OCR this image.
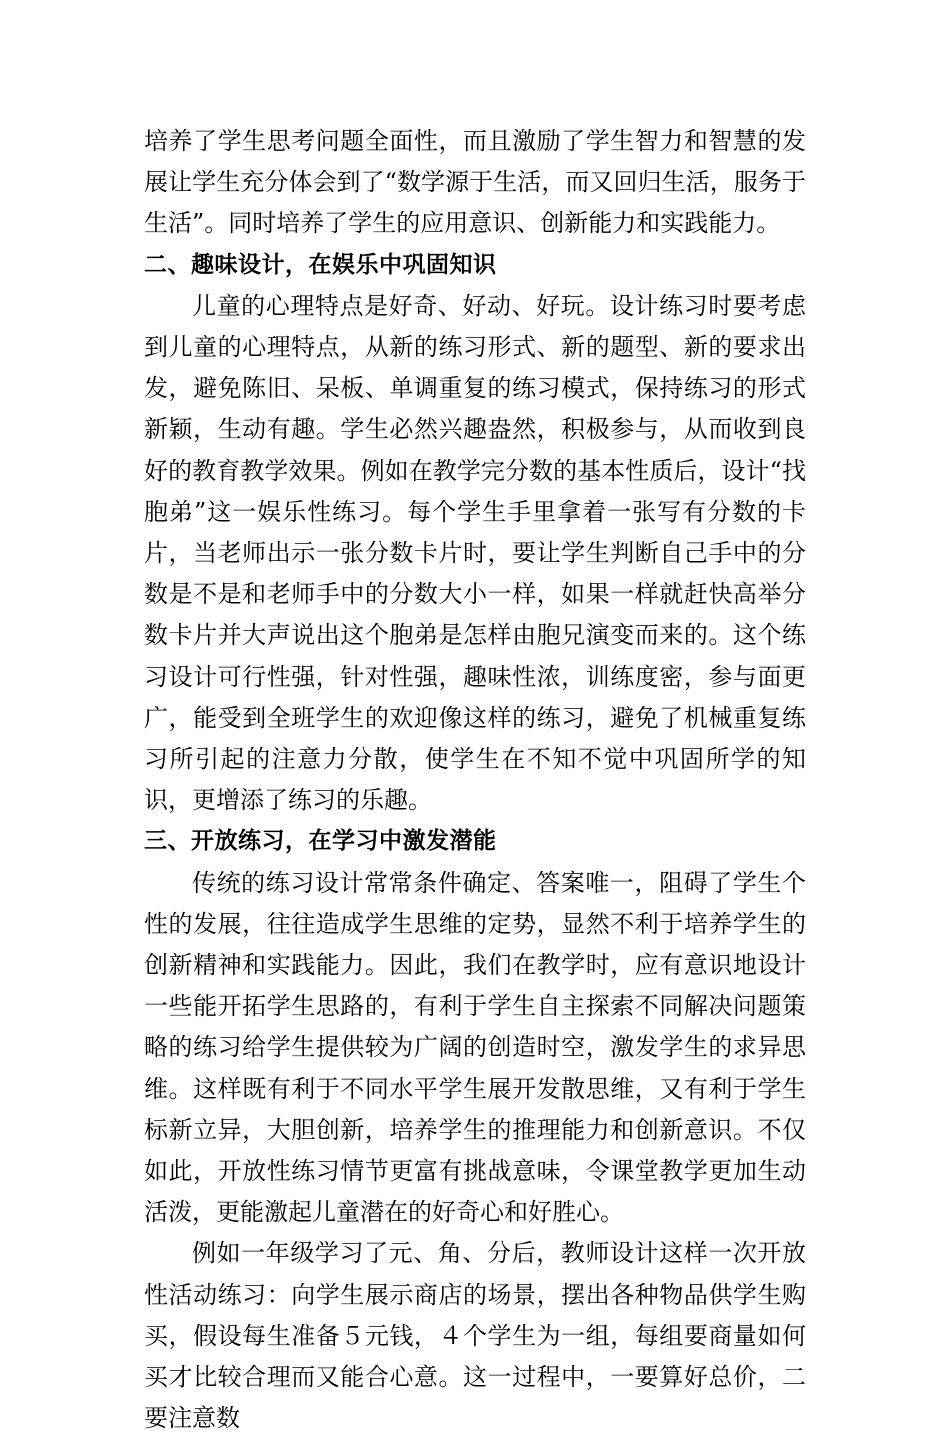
培养了学生思考问题全面性，而且激励了学生智力和智慧的发展让学生充分体会到了“数学源于生活，而又回归生活，服务于生活”。同时培养了学生的应用意识、创新能力和实践能力。

二、趣味设计，在娱乐中巩固知识

儿童的心理特点是好奇、好动、好玩。设计练习时要考虑到儿童的心理特点，从新的练习形式、新的题型、新的要求出发，避免陈旧、呆板、单调重复的练习模式，保持练习的形式新颖，生动有趣。学生必然兴趣盎然，积极参与，从而收到良好的教育教学效果。例如在教学完分数的基本性质后，设计“找胞弟”这一娱乐性练习。每个学生手里拿着一张写有分数的卡片，当老师出示一张分数卡片时，要让学生判断自己手中的分数是不是和老师手中的分数大小一样，如果一样就赶快高举分数卡片并大声说出这个胞弟是怎样由胞兄演变而来的。这个练习设计可行性强，针对性强，趣味性浓，训练度密，参与面更广，能受到全班学生的欢迎像这样的练习，避免了机械重复练习所引起的注意力分散，使学生在不知不觉中巩固所学的知识，更增添了练习的乐趣。

三、开放练习，在学习中激发潜能

传统的练习设计常常条件确定、答案唯一，阻碍了学生个性的发展，往往造成学生思维的定势，显然不利于培养学生的创新精神和实践能力。因此，我们在教学时，应有意识地设计一些能开拓学生思路的，有利于学生自主探索不同解决问题策略的练习给学生提供较为广阔的创造时空，激发学生的求异思维。这样既有利于不同水平学生展开发散思维，又有利于学生标新立异，大胆创新，培养学生的推理能力和创新意识。不仅如此，开放性练习情节更富有挑战意味，令课堂教学更加生动活泼，更能激起儿童潜在的好奇心和好胜心。

例如一年级学习了元、角、分后，教师设计这样一次开放性活动练习：向学生展示商店的场景，摆出各种物品供学生购买，假设每生准备５元钱，４个学生为一组，每组要商量如何买才比较合理而又能合心意。这一过程中，一要算好总价，二要注意数
